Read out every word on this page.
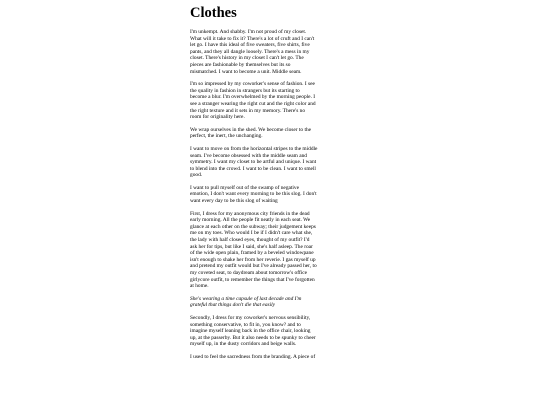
Clothes

I'm unkempt. And shabby. I'm not proud of my closet.
What will it take to fix it? There's a lot of cruft and I can't
let go. I have this ideal of five sweaters, five shirts, five
pants, and they all dangle loosely. There's a mess in my
closet. There's history in my closet I can't let go. The
pieces are fashionable by themselves but its so
mismatched. I want to become a unit. Middle seam.

I'm so impressed by my coworker's sense of fashion. I see
the quality in fashion in strangers but its starting to
become a blur. I'm overwhelmed by the morning people. I
see a stranger wearing the right cut and the right color and
the right texture and it sets in my memory. There's no
room for originality here.

We wrap ourselves in the shed. We become closer to the
perfect, the inert, the unchanging.

I want to move on from the horizontal stripes to the middle
seam. I've become obsessed with the middle seam and
symmetry. I want my closet to be artful and unique. I want
to blend into the crowd. I want to be clean. I want to smell
good.

I want to pull myself out of the swamp of negative
emotion, I don't want every morning to be this slog. I don't
want every day to be this slog of waiting

First, I dress for my anonymous city friends in the dead
early morning. All the people fit neatly in each seat. We
glance at each other on the subway; their judgement keeps
me on my toes. Who would I be if I didn't care what she,
the lady with half closed eyes, thought of my outfit? I'd
ask her for tips, but like I said, she's half asleep. The roar
of the wide open plain, framed by a beveled windowpane
isn't enough to shake her from her reverie. I gas myself up
and pretend my outfit would but I've already passed her, to
my coveted seat, to daydream about tomorrow's office
girlycore outfit, to remember the things that I've forgotten
at home.

She's wearing a time capsule of last decade and I'm
grateful that things don't die that easily

Secondly, I dress for my coworker's nervous sensibility,
something conservative, to fit in, you know? and to
imagine myself leaning back in the office chair, looking
up, at the passerby. But it also needs to be spunky to cheer
myself up, in the dusty corridors and beige walls.

I used to feel the sacredness from the branding. A piece of
